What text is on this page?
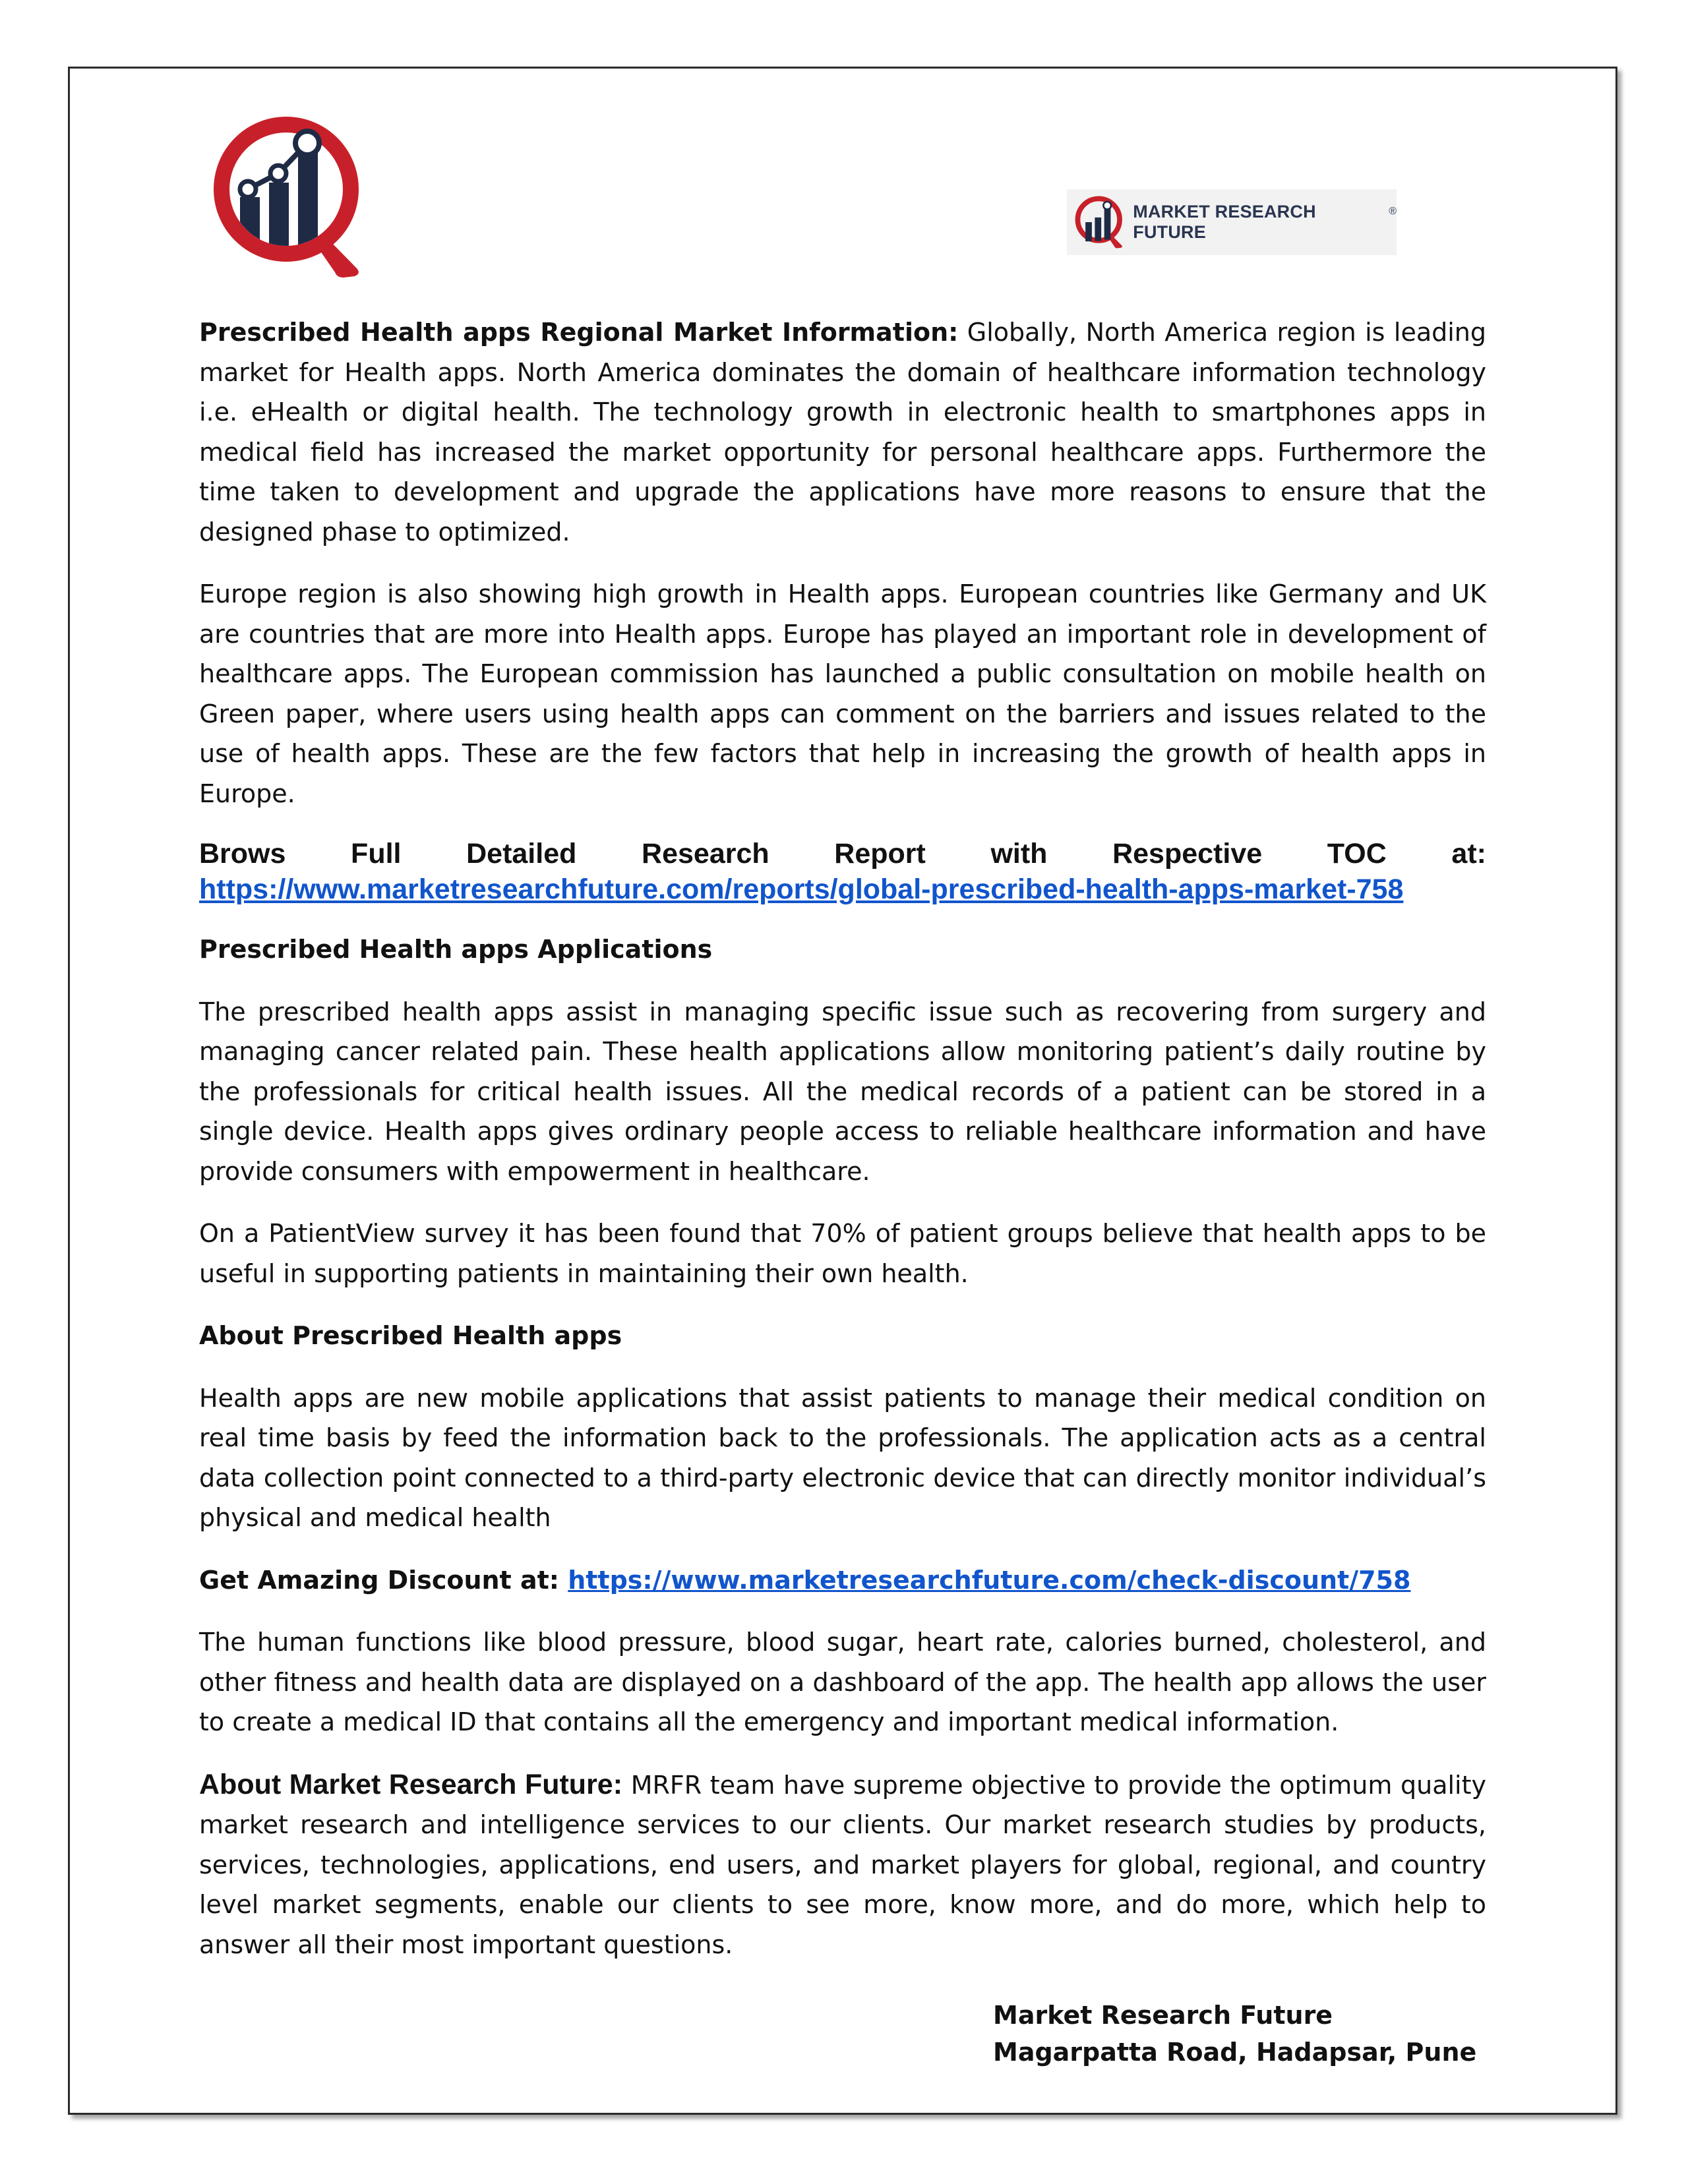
MARKET RESEARCH FUTURE
®

Prescribed Health apps Regional Market Information: Globally, North America region is leading market for Health apps. North America dominates the domain of healthcare information technology i.e. eHealth or digital health. The technology growth in electronic health to smartphones apps in medical field has increased the market opportunity for personal healthcare apps. Furthermore the time taken to development and upgrade the applications have more reasons to ensure that the designed phase to optimized.

Europe region is also showing high growth in Health apps. European countries like Germany and UK are countries that are more into Health apps. Europe has played an important role in development of healthcare apps. The European commission has launched a public consultation on mobile health on Green paper, where users using health apps can comment on the barriers and issues related to the use of health apps. These are the few factors that help in increasing the growth of health apps in Europe.

Brows Full Detailed Research Report with Respective TOC at:
https://www.marketresearchfuture.com/reports/global-prescribed-health-apps-market-758

Prescribed Health apps Applications

The prescribed health apps assist in managing specific issue such as recovering from surgery and managing cancer related pain. These health applications allow monitoring patient’s daily routine by the professionals for critical health issues. All the medical records of a patient can be stored in a single device. Health apps gives ordinary people access to reliable healthcare information and have provide consumers with empowerment in healthcare.

On a PatientView survey it has been found that 70% of patient groups believe that health apps to be useful in supporting patients in maintaining their own health.

About Prescribed Health apps

Health apps are new mobile applications that assist patients to manage their medical condition on real time basis by feed the information back to the professionals. The application acts as a central data collection point connected to a third-party electronic device that can directly monitor individual’s physical and medical health

Get Amazing Discount at: https://www.marketresearchfuture.com/check-discount/758

The human functions like blood pressure, blood sugar, heart rate, calories burned, cholesterol, and other fitness and health data are displayed on a dashboard of the app. The health app allows the user to create a medical ID that contains all the emergency and important medical information.

About Market Research Future: MRFR team have supreme objective to provide the optimum quality market research and intelligence services to our clients. Our market research studies by products, services, technologies, applications, end users, and market players for global, regional, and country level market segments, enable our clients to see more, know more, and do more, which help to answer all their most important questions.

Market Research Future
Magarpatta Road, Hadapsar, Pune
